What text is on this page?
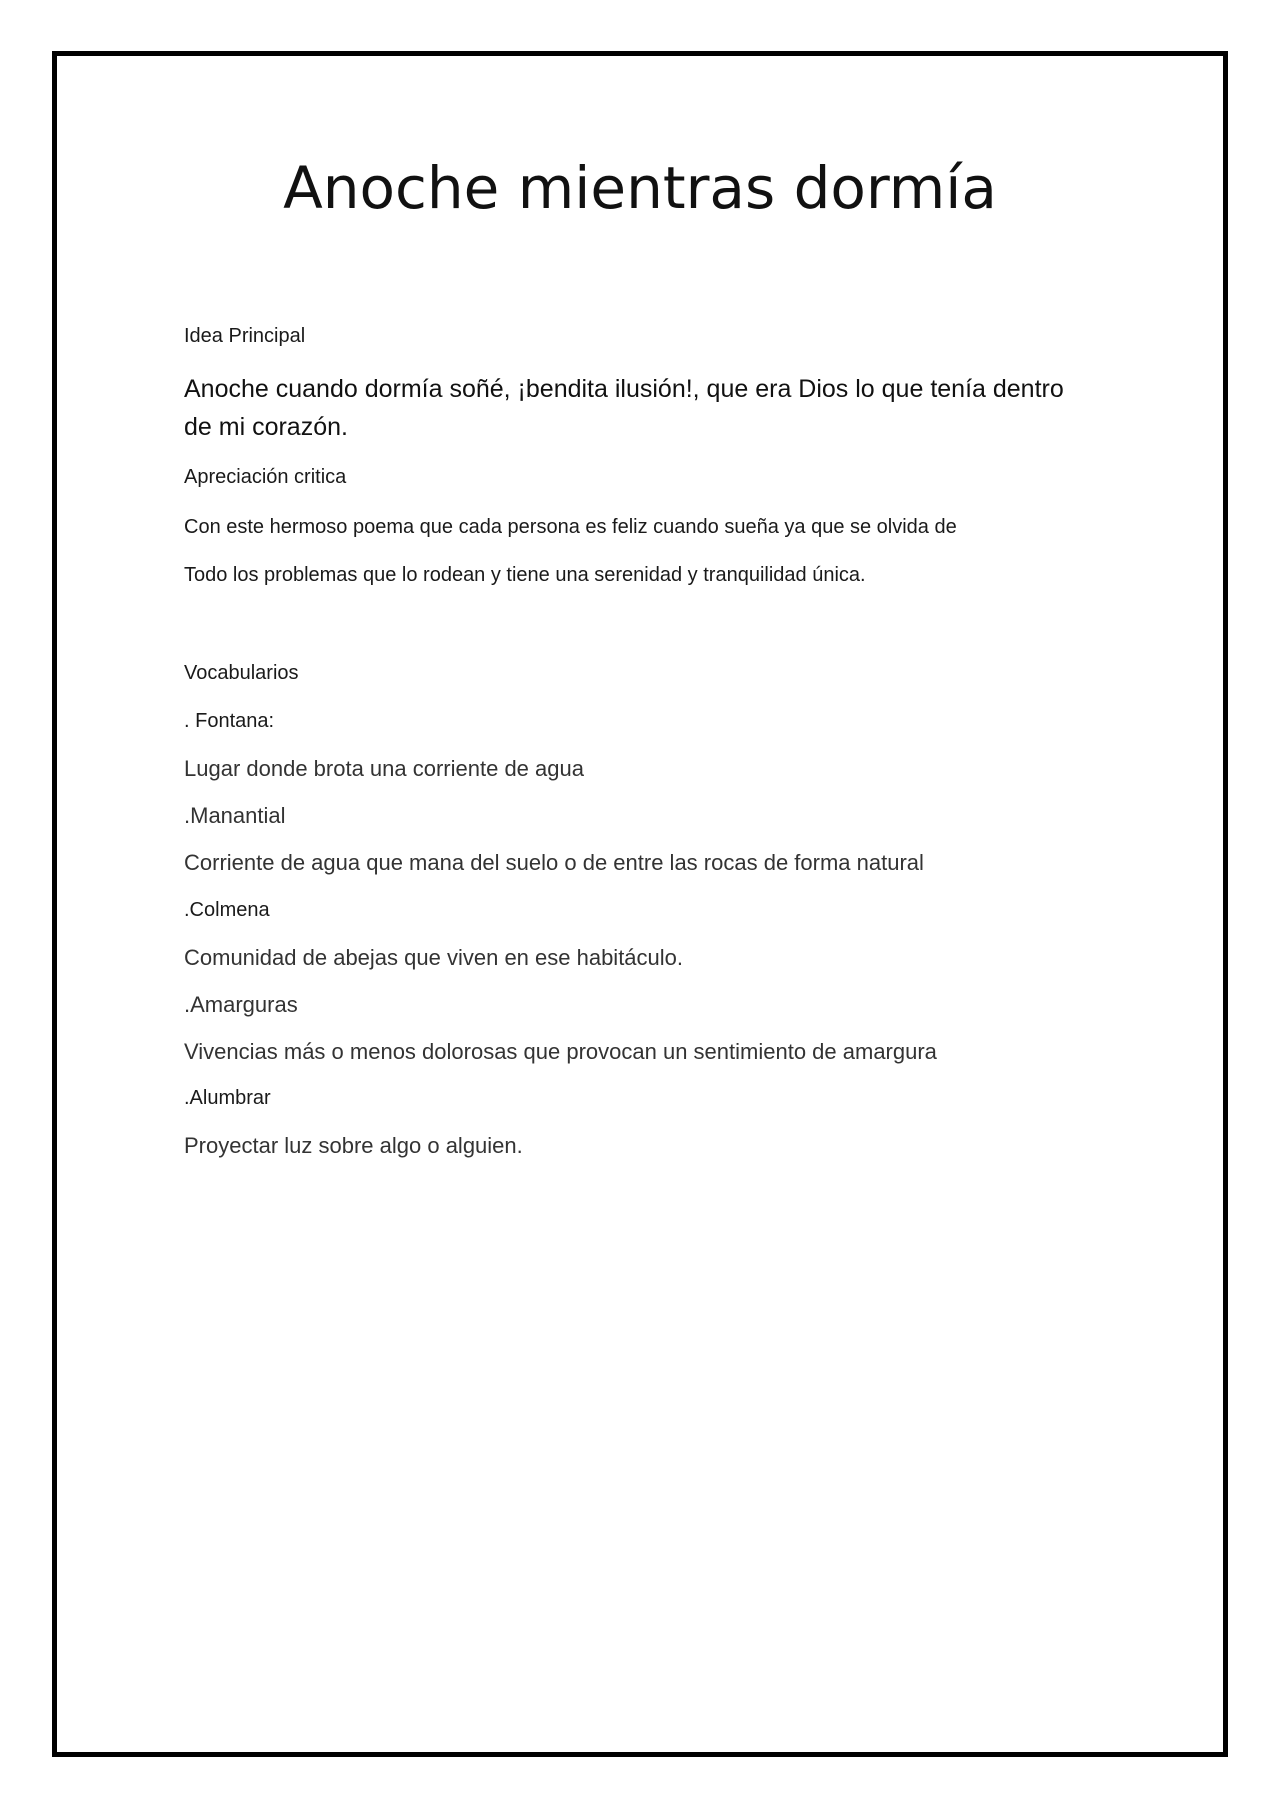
Anoche mientras dormía

Idea Principal

Anoche cuando dormía soñé, ¡bendita ilusión!, que era Dios lo que tenía dentro de mi corazón.

Apreciación critica

Con este hermoso poema que cada persona es feliz cuando sueña ya que se olvida de

Todo los problemas que lo rodean y tiene una serenidad y tranquilidad única.

Vocabularios

. Fontana:

Lugar donde brota una corriente de agua

.Manantial

Corriente de agua que mana del suelo o de entre las rocas de forma natural

.Colmena

Comunidad de abejas que viven en ese habitáculo.

.Amarguras

Vivencias más o menos dolorosas que provocan un sentimiento de amargura

.Alumbrar

Proyectar luz sobre algo o alguien.
